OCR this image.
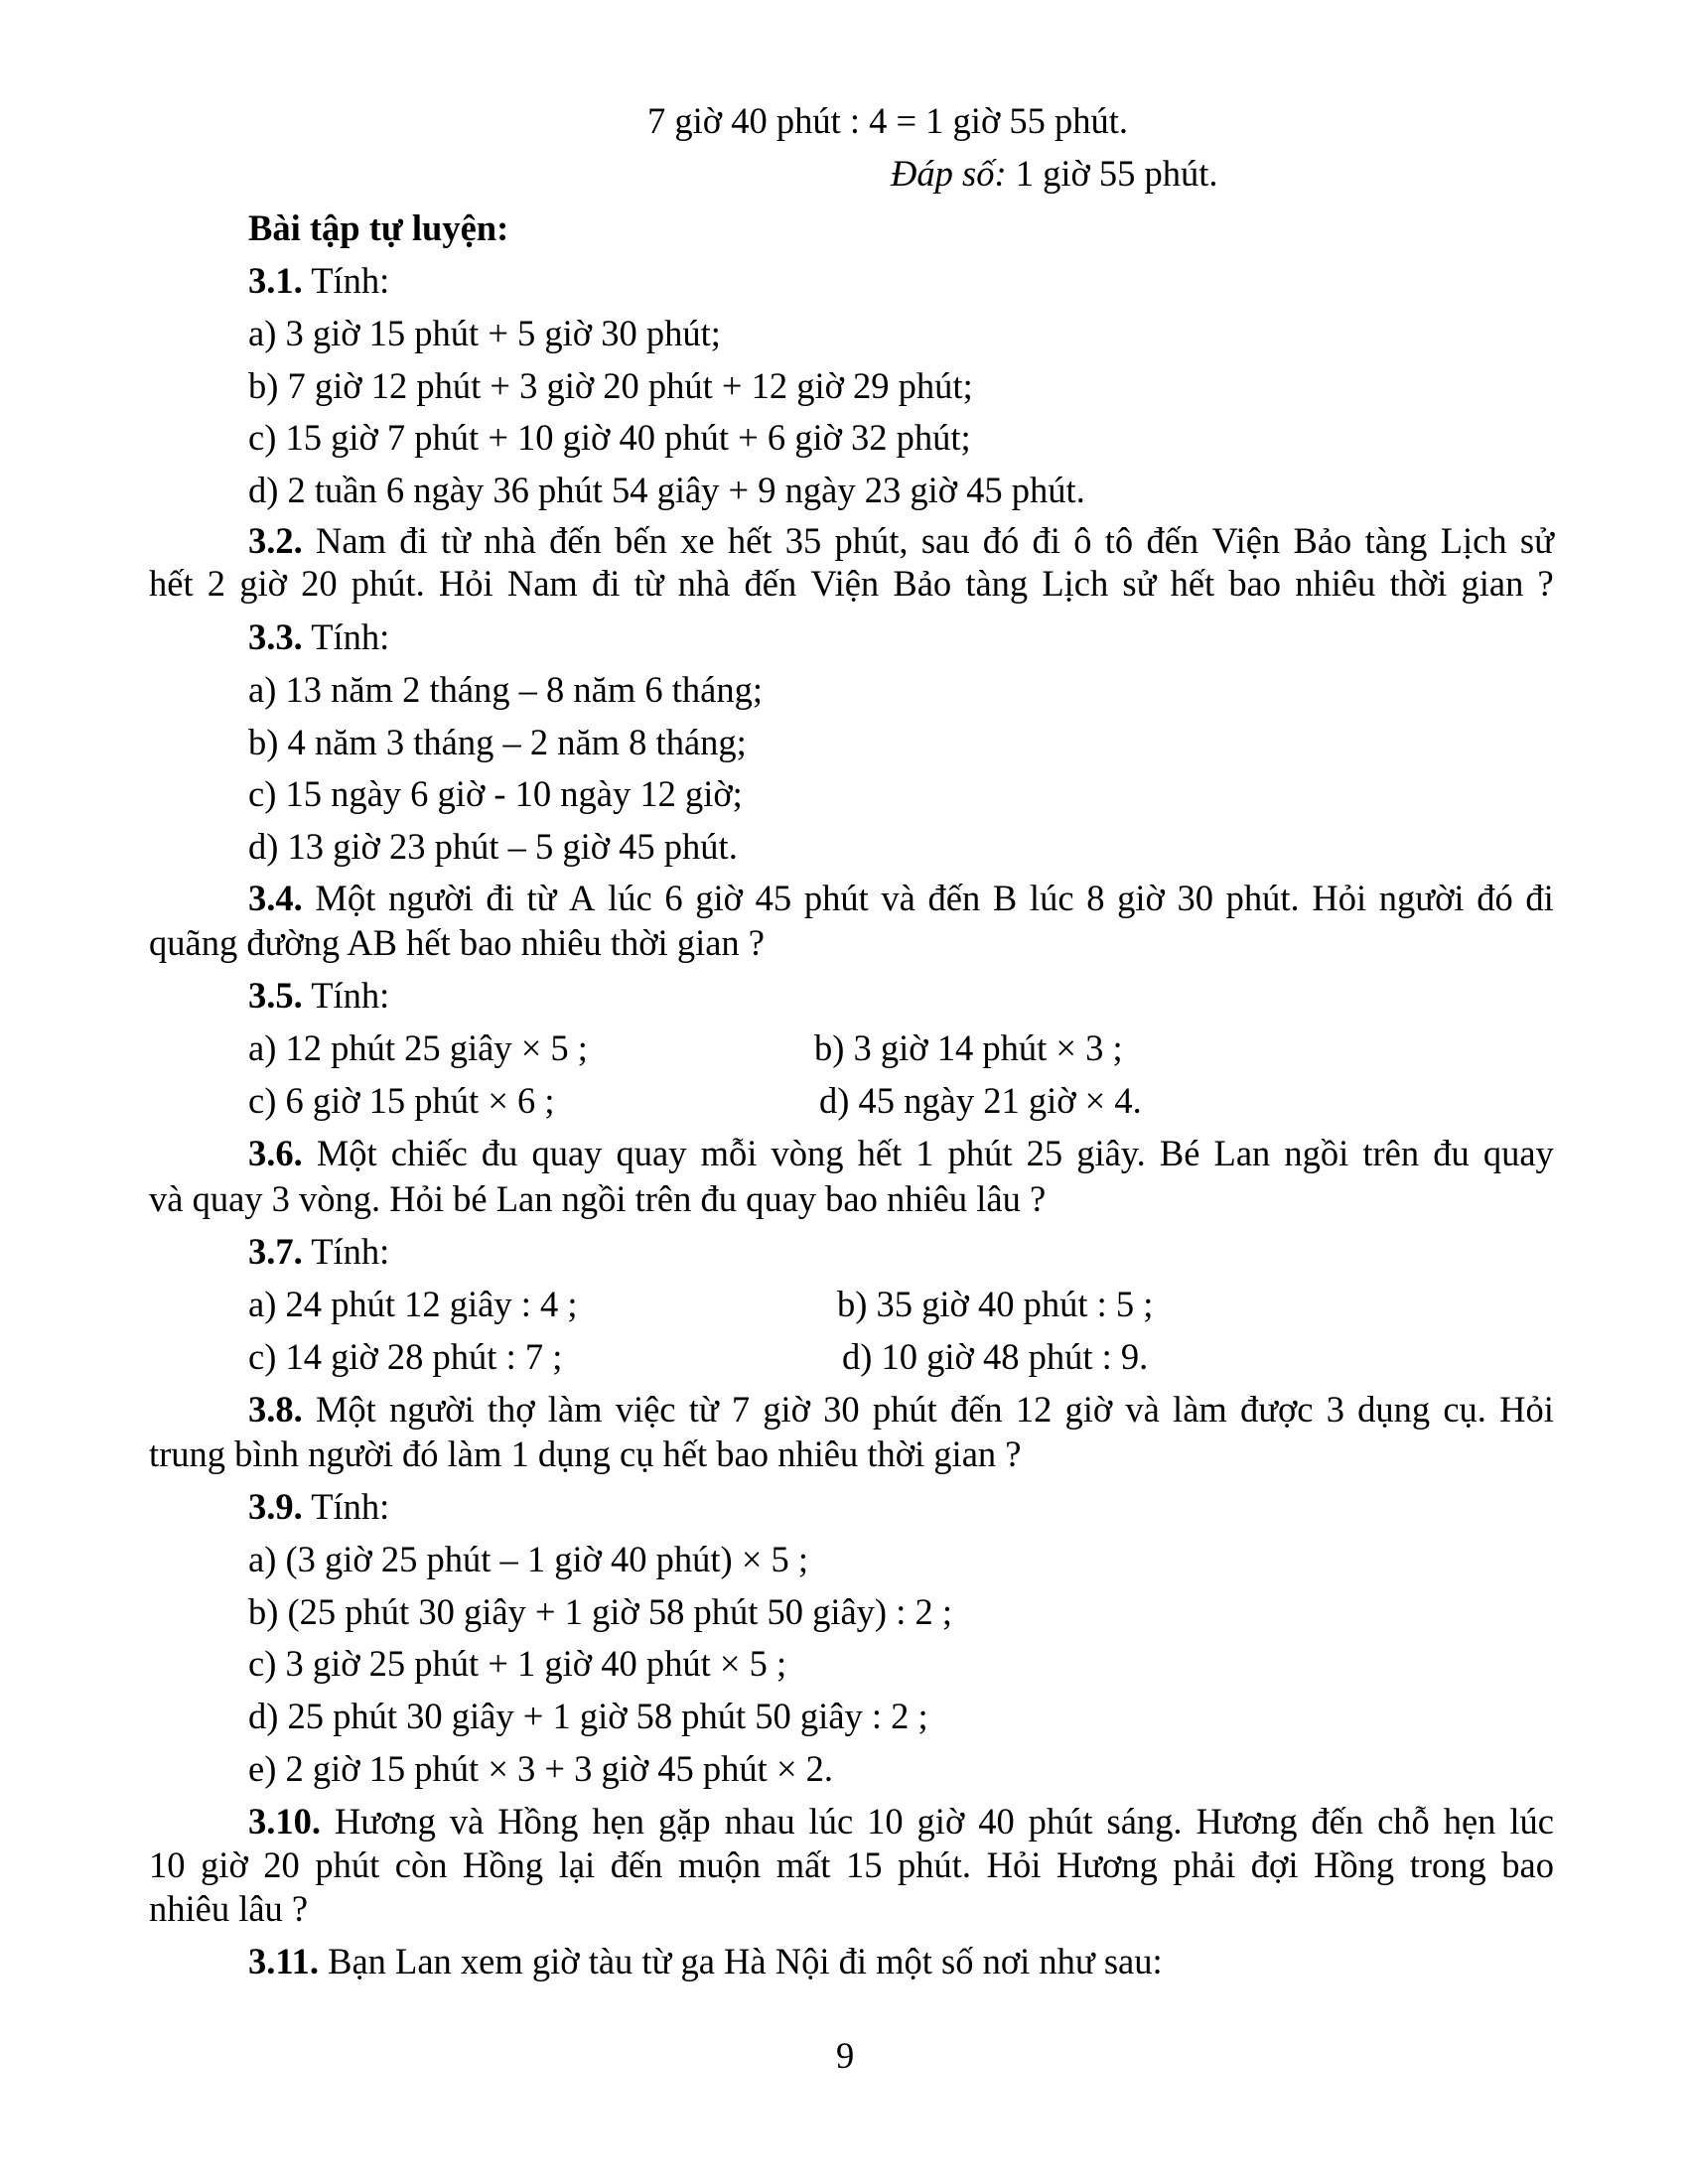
7 giờ 40 phút : 4 = 1 giờ 55 phút.
Đáp số: 1 giờ 55 phút.
Bài tập tự luyện:
3.1. Tính:
a) 3 giờ 15 phút + 5 giờ 30 phút;
b) 7 giờ 12 phút + 3 giờ 20 phút + 12 giờ 29 phút;
c) 15 giờ 7 phút + 10 giờ 40 phút + 6 giờ 32 phút;
d) 2 tuần 6 ngày 36 phút 54 giây + 9 ngày 23 giờ 45 phút.
3.2. Nam đi từ nhà đến bến xe hết 35 phút, sau đó đi ô tô đến Viện Bảo tàng Lịch sử
hết 2 giờ 20 phút. Hỏi Nam đi từ nhà đến Viện Bảo tàng Lịch sử hết bao nhiêu thời gian ?
3.3. Tính:
a) 13 năm 2 tháng – 8 năm 6 tháng;
b) 4 năm 3 tháng – 2 năm 8 tháng;
c) 15 ngày 6 giờ - 10 ngày 12 giờ;
d) 13 giờ 23 phút – 5 giờ 45 phút.
3.4. Một người đi từ A lúc 6 giờ 45 phút và đến B lúc 8 giờ 30 phút. Hỏi người đó đi
quãng đường AB hết bao nhiêu thời gian ?
3.5. Tính:
a) 12 phút 25 giây × 5 ;	b) 3 giờ 14 phút × 3 ;
c) 6 giờ 15 phút × 6 ;	d) 45 ngày 21 giờ × 4.
3.6. Một chiếc đu quay quay mỗi vòng hết 1 phút 25 giây. Bé Lan ngồi trên đu quay
và quay 3 vòng. Hỏi bé Lan ngồi trên đu quay bao nhiêu lâu ?
3.7. Tính:
a) 24 phút 12 giây : 4 ;	b) 35 giờ 40 phút : 5 ;
c) 14 giờ 28 phút : 7 ;	d) 10 giờ 48 phút : 9.
3.8. Một người thợ làm việc từ 7 giờ 30 phút đến 12 giờ và làm được 3 dụng cụ. Hỏi
trung bình người đó làm 1 dụng cụ hết bao nhiêu thời gian ?
3.9. Tính:
a) (3 giờ 25 phút – 1 giờ 40 phút) × 5 ;
b) (25 phút 30 giây + 1 giờ 58 phút 50 giây) : 2 ;
c) 3 giờ 25 phút + 1 giờ 40 phút × 5 ;
d) 25 phút 30 giây + 1 giờ 58 phút 50 giây : 2 ;
e) 2 giờ 15 phút × 3 + 3 giờ 45 phút × 2.
3.10. Hương và Hồng hẹn gặp nhau lúc 10 giờ 40 phút sáng. Hương đến chỗ hẹn lúc
10 giờ 20 phút còn Hồng lại đến muộn mất 15 phút. Hỏi Hương phải đợi Hồng trong bao
nhiêu lâu ?
3.11. Bạn Lan xem giờ tàu từ ga Hà Nội đi một số nơi như sau:
9
